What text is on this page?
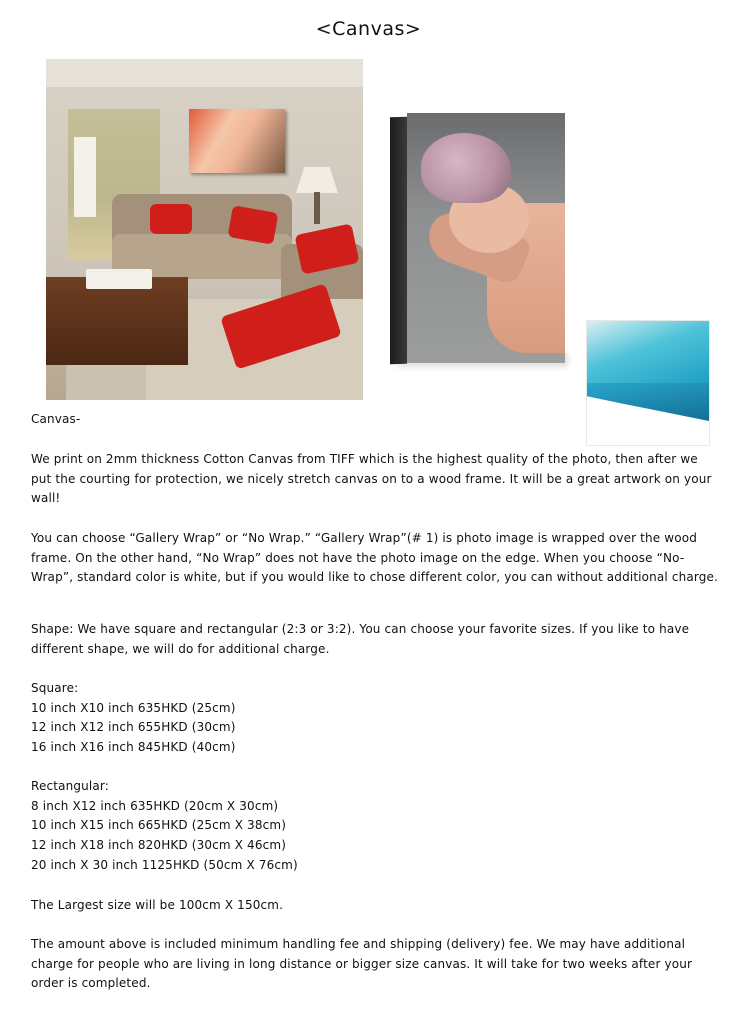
<Canvas>

Canvas-

We print on 2mm thickness Cotton Canvas from TIFF which is the highest quality of the photo, then after we put the courting for protection, we nicely stretch canvas on to a wood frame. It will be a great artwork on your wall!

You can choose “Gallery Wrap” or “No Wrap.” “Gallery Wrap”(# 1) is photo image is wrapped over the wood frame. On the other hand, “No Wrap” does not have the photo image on the edge. When you choose “No-Wrap”, standard color is white, but if you would like to chose different color, you can without additional charge.

Shape: We have square and rectangular (2:3 or 3:2). You can choose your favorite sizes. If you like to have different shape, we will do for additional charge.

Square:

10 inch X10 inch 635HKD (25cm)

12 inch X12 inch 655HKD (30cm)

16 inch X16 inch 845HKD (40cm)

Rectangular:

8 inch X12 inch 635HKD (20cm X 30cm)

10 inch X15 inch 665HKD (25cm X 38cm)

12 inch X18 inch 820HKD (30cm X 46cm)

20 inch X 30 inch 1125HKD (50cm X 76cm)

The Largest size will be 100cm X 150cm.

The amount above is included minimum handling fee and shipping (delivery) fee. We may have additional charge for people who are living in long distance or bigger size canvas. It will take for two weeks after your order is completed.
